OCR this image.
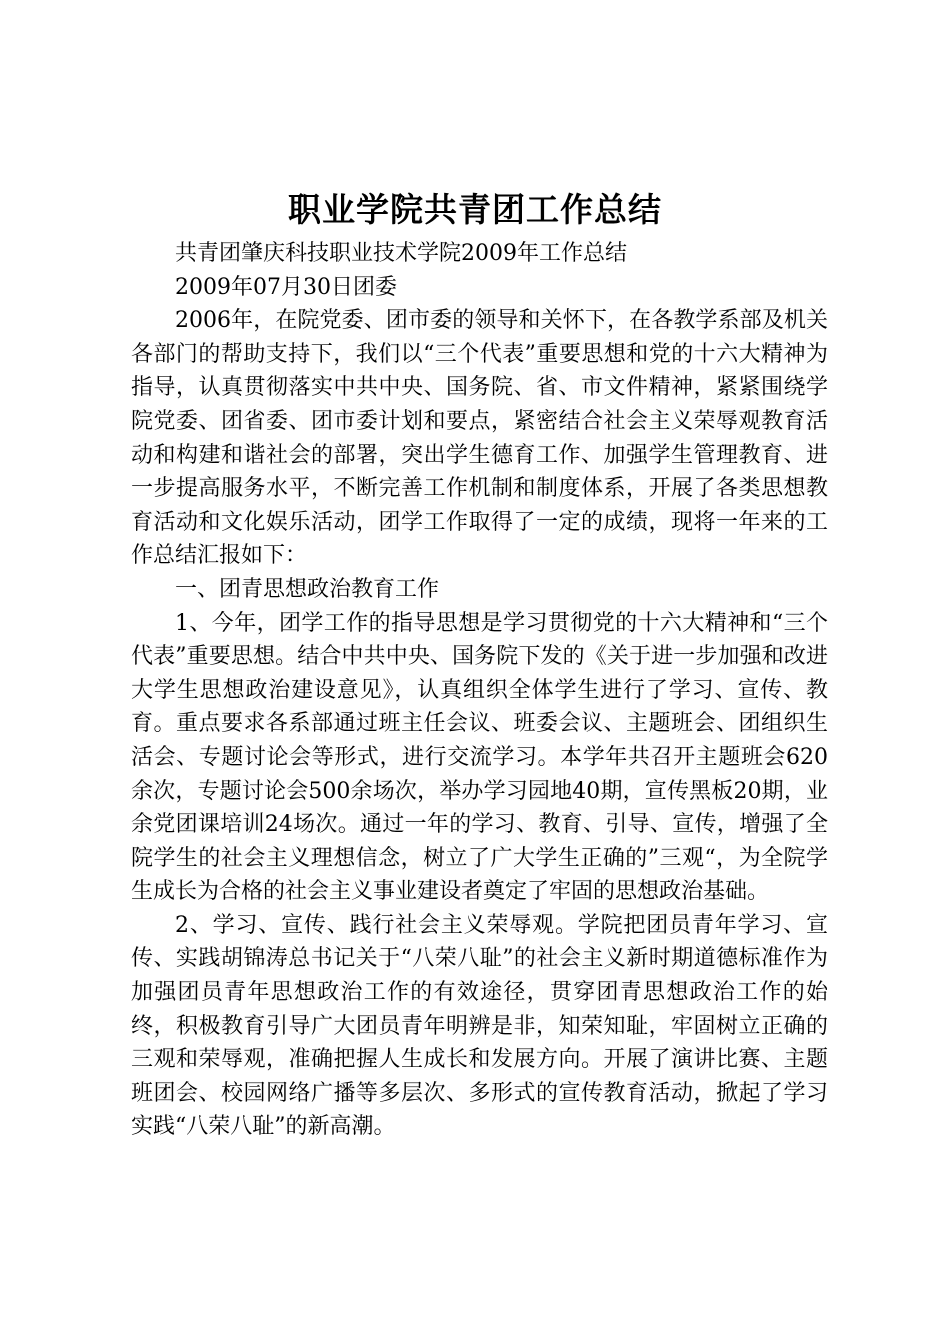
职业学院共青团工作总结

共青团肇庆科技职业技术学院2009年工作总结

2009年07月30日团委

2006年，在院党委、团市委的领导和关怀下，在各教学系部及机关各部门的帮助支持下，我们以“三个代表”重要思想和党的十六大精神为指导，认真贯彻落实中共中央、国务院、省、市文件精神，紧紧围绕学院党委、团省委、团市委计划和要点，紧密结合社会主义荣辱观教育活动和构建和谐社会的部署，突出学生德育工作、加强学生管理教育、进一步提高服务水平，不断完善工作机制和制度体系，开展了各类思想教育活动和文化娱乐活动，团学工作取得了一定的成绩，现将一年来的工作总结汇报如下：

一、团青思想政治教育工作

1、今年，团学工作的指导思想是学习贯彻党的十六大精神和“三个代表”重要思想。结合中共中央、国务院下发的《关于进一步加强和改进大学生思想政治建设意见》，认真组织全体学生进行了学习、宣传、教育。重点要求各系部通过班主任会议、班委会议、主题班会、团组织生活会、专题讨论会等形式，进行交流学习。本学年共召开主题班会620余次，专题讨论会500余场次，举办学习园地40期，宣传黑板20期，业余党团课培训24场次。通过一年的学习、教育、引导、宣传，增强了全院学生的社会主义理想信念，树立了广大学生正确的”三观“，为全院学生成长为合格的社会主义事业建设者奠定了牢固的思想政治基础。

2、学习、宣传、践行社会主义荣辱观。学院把团员青年学习、宣传、实践胡锦涛总书记关于“八荣八耻”的社会主义新时期道德标准作为加强团员青年思想政治工作的有效途径，贯穿团青思想政治工作的始终，积极教育引导广大团员青年明辨是非，知荣知耻，牢固树立正确的三观和荣辱观，准确把握人生成长和发展方向。开展了演讲比赛、主题班团会、校园网络广播等多层次、多形式的宣传教育活动，掀起了学习实践“八荣八耻”的新高潮。
